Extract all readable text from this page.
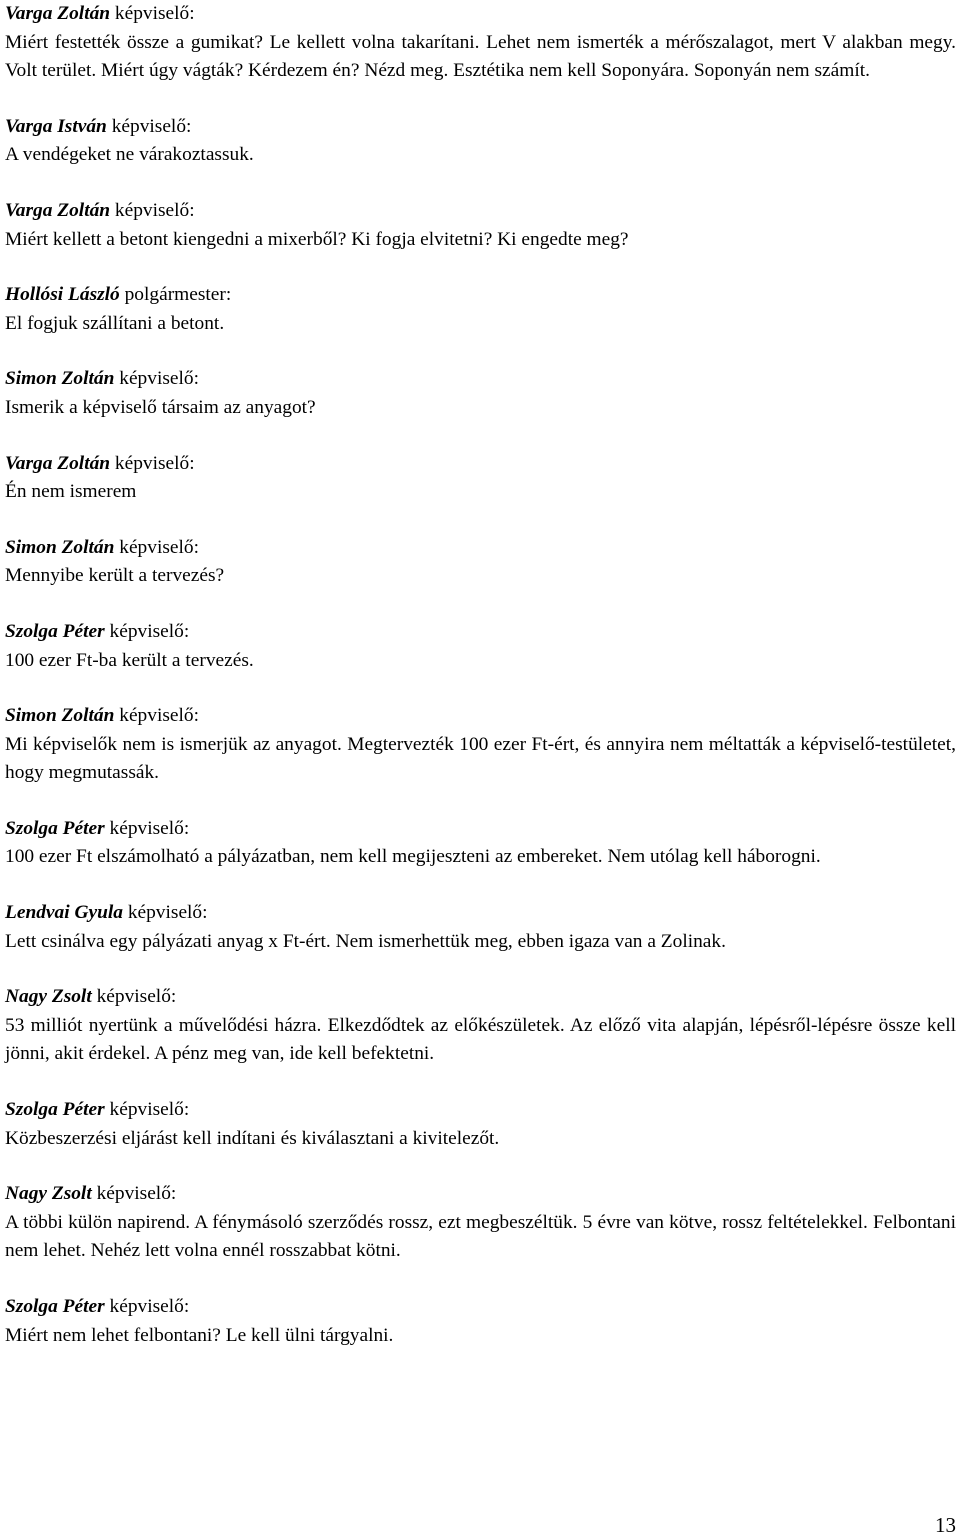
Varga Zoltán képviselő:

Miért festették össze a gumikat? Le kellett volna takarítani. Lehet nem ismerték a mérőszalagot, mert V alakban megy. Volt terület. Miért úgy vágták? Kérdezem én? Nézd meg. Esztétika nem kell Soponyára. Soponyán nem számít.

Varga István képviselő:

A vendégeket ne várakoztassuk.

Varga Zoltán képviselő:

Miért kellett a betont kiengedni a mixerből? Ki fogja elvitetni? Ki engedte meg?

Hollósi László polgármester:

El fogjuk szállítani a betont.

Simon Zoltán képviselő:

Ismerik a képviselő társaim az anyagot?

Varga Zoltán képviselő:

Én nem ismerem

Simon Zoltán képviselő:

Mennyibe került a tervezés?

Szolga Péter képviselő:

100 ezer Ft-ba került a tervezés.

Simon Zoltán képviselő:

Mi képviselők nem is ismerjük az anyagot. Megtervezték 100 ezer Ft-ért, és annyira nem méltatták a képviselő-testületet, hogy megmutassák.

Szolga Péter képviselő:

100 ezer Ft elszámolható a pályázatban, nem kell megijeszteni az embereket. Nem utólag kell háborogni.

Lendvai Gyula képviselő:

Lett csinálva egy pályázati anyag x Ft-ért. Nem ismerhettük meg, ebben igaza van a Zolinak.

Nagy Zsolt képviselő:

53 milliót nyertünk a művelődési házra. Elkezdődtek az előkészületek. Az előző vita alapján, lépésről-lépésre össze kell jönni, akit érdekel. A pénz meg van, ide kell befektetni.

Szolga Péter képviselő:

Közbeszerzési eljárást kell indítani és kiválasztani a kivitelezőt.

Nagy Zsolt képviselő:

A többi külön napirend. A fénymásoló szerződés rossz, ezt megbeszéltük. 5 évre van kötve, rossz feltételekkel. Felbontani nem lehet. Nehéz lett volna ennél rosszabbat kötni.

Szolga Péter képviselő:

Miért nem lehet felbontani? Le kell ülni tárgyalni.

13
